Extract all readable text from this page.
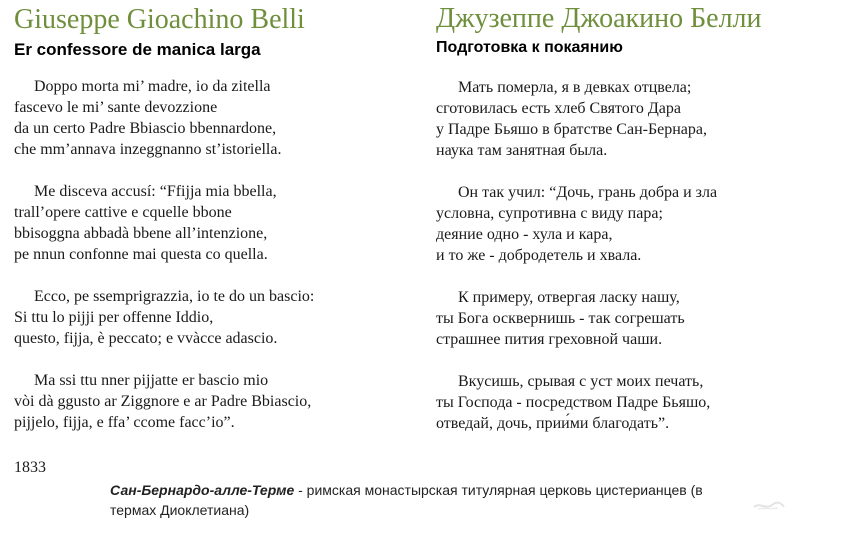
Giuseppe Gioachino Belli
Er confessore de manica larga
Doppo morta mi’ madre, io da zitella
fascevo le mi’ sante devozzione
da un certo Padre Bbiascio bbennardone,
che mm’annava inzeggnanno st’istoriella.
Me disceva accusí: “Ffijja mia bbella,
trall’opere cattive e cquelle bbone
bbisoggna abbadà bbene all’intenzione,
pe nnun confonne mai questa co quella.
Ecco, pe ssemprigrazzia, io te do un bascio:
Si ttu lo pijji per offenne Iddio,
questo, fijja, è peccato; e vvàcce adascio.
Ma ssi ttu nner pijjatte er bascio mio
vòi dà ggusto ar Ziggnore e ar Padre Bbiascio,
pijjelo, fijja, e ffa’ ccome facc’io”.
Джузеппе Джоакино Белли
Подготовка к покаянию
Мать померла, я в девках отцвела;
сготовилась есть хлеб Святого Дара
у Падре Бьяшо в братстве Сан-Бернара,
наука там занятная была.
Он так учил: “Дочь, грань добра и зла
условна, супротивна с виду пара;
деяние одно - хула и кара,
и то же - добродетель и хвала.
К примеру, отвергая ласку нашу,
ты Бога осквернишь - так согрешать
страшнее пития греховной чаши.
Вкусишь, срывая с уст моих печать,
ты Господа - посредством Падре Бьяшо,
отведай, дочь, прии́ми благодать”.
1833
Сан-Бернардо-алле-Терме - римская монастырская титулярная церковь цистерианцев (в термах Диоклетиана)
